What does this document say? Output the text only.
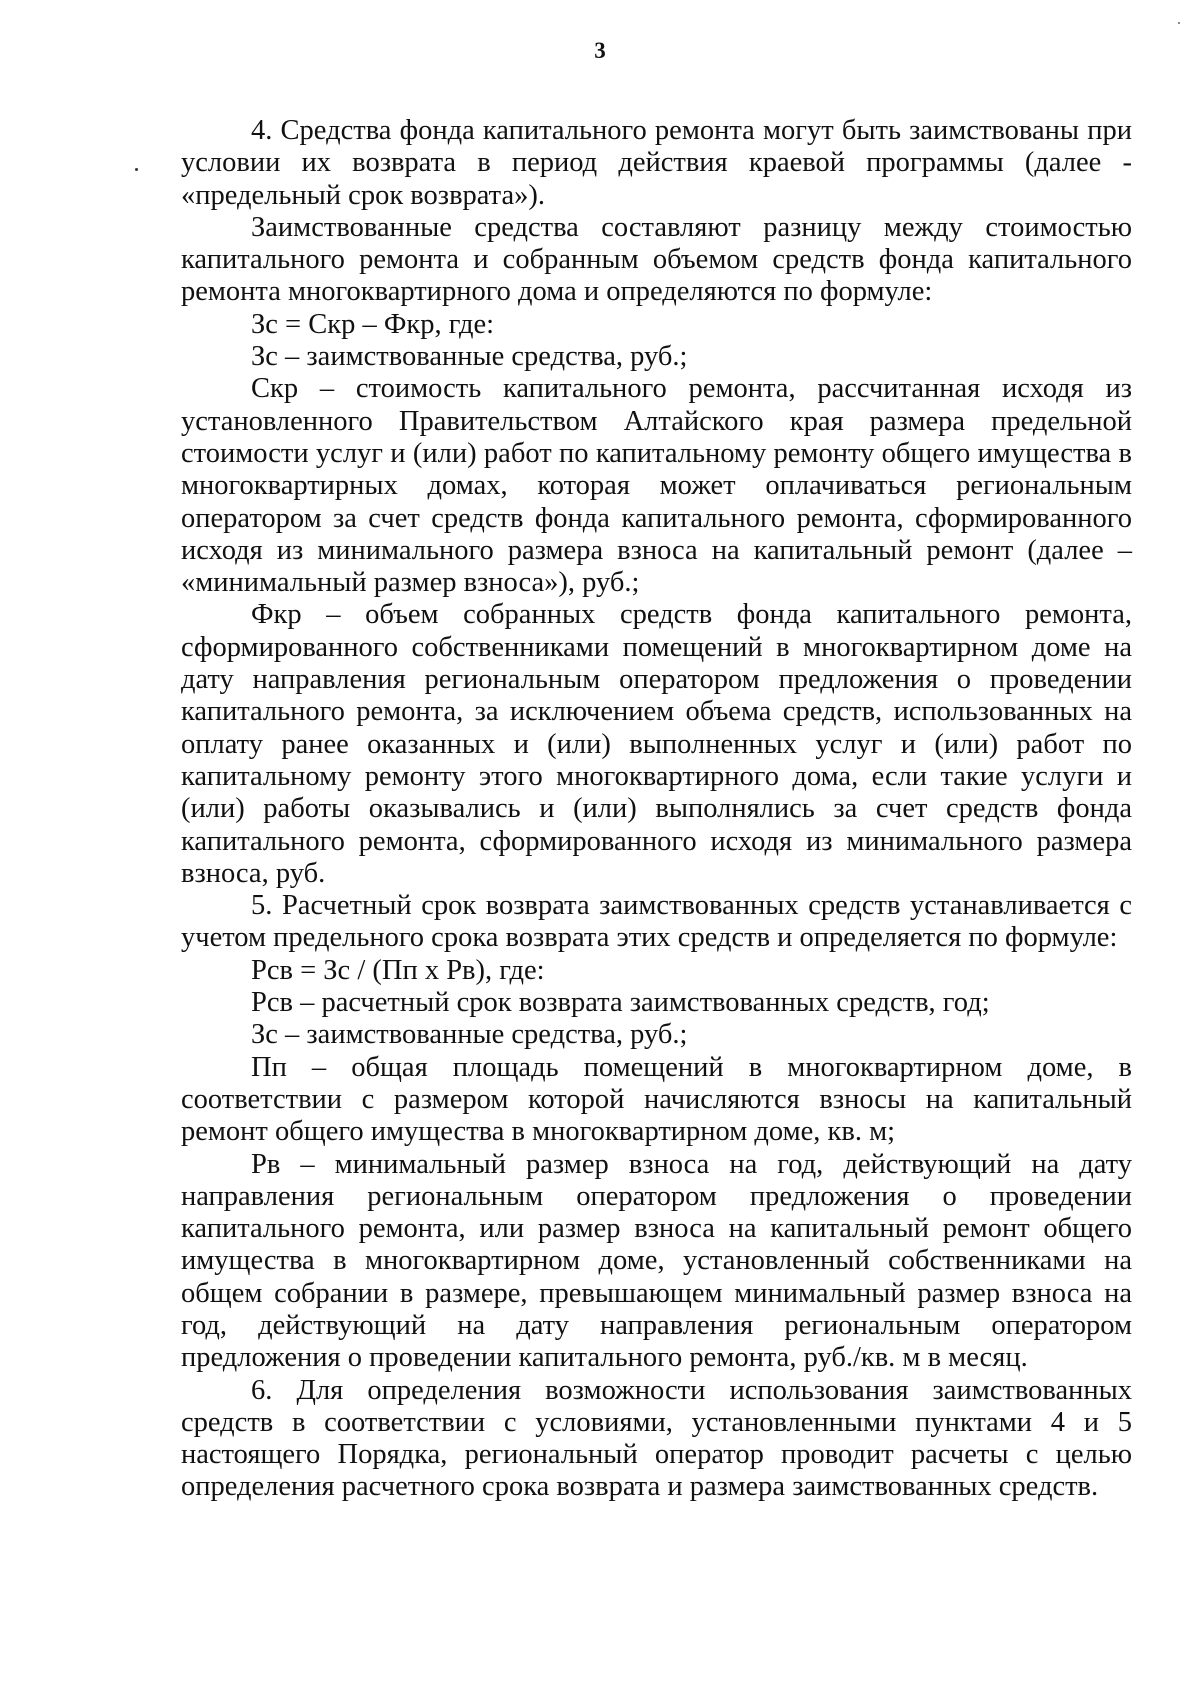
3

4. Средства фонда капитального ремонта могут быть заимствованы при условии их возврата в период действия краевой программы (далее - «предельный срок возврата»).

Заимствованные средства составляют разницу между стоимостью капитального ремонта и собранным объемом средств фонда капитального ремонта многоквартирного дома и определяются по формуле:

Зс = Скр – Фкр, где:

Зс – заимствованные средства, руб.;

Скр – стоимость капитального ремонта, рассчитанная исходя из установленного Правительством Алтайского края размера предельной стоимости услуг и (или) работ по капитальному ремонту общего имущества в многоквартирных домах, которая может оплачиваться региональным оператором за счет средств фонда капитального ремонта, сформированного исходя из минимального размера взноса на капитальный ремонт (далее – «минимальный размер взноса»), руб.;

Фкр – объем собранных средств фонда капитального ремонта, сформированного собственниками помещений в многоквартирном доме на дату направления региональным оператором предложения о проведении капитального ремонта, за исключением объема средств, использованных на оплату ранее оказанных и (или) выполненных услуг и (или) работ по капитальному ремонту этого многоквартирного дома, если такие услуги и (или) работы оказывались и (или) выполнялись за счет средств фонда капитального ремонта, сформированного исходя из минимального размера взноса, руб.

5. Расчетный срок возврата заимствованных средств устанавливается с учетом предельного срока возврата этих средств и определяется по формуле:

Рсв = Зс / (Пп х Рв), где:

Рсв – расчетный срок возврата заимствованных средств, год;

Зс – заимствованные средства, руб.;

Пп – общая площадь помещений в многоквартирном доме, в соответствии с размером которой начисляются взносы на капитальный ремонт общего имущества в многоквартирном доме, кв. м;

Рв – минимальный размер взноса на год, действующий на дату направления региональным оператором предложения о проведении капитального ремонта, или размер взноса на капитальный ремонт общего имущества в многоквартирном доме, установленный собственниками на общем собрании в размере, превышающем минимальный размер взноса на год, действующий на дату направления региональным оператором предложения о проведении капитального ремонта, руб./кв. м в месяц.

6. Для определения возможности использования заимствованных средств в соответствии с условиями, установленными пунктами 4 и 5 настоящего Порядка, региональный оператор проводит расчеты с целью определения расчетного срока возврата и размера заимствованных средств.
